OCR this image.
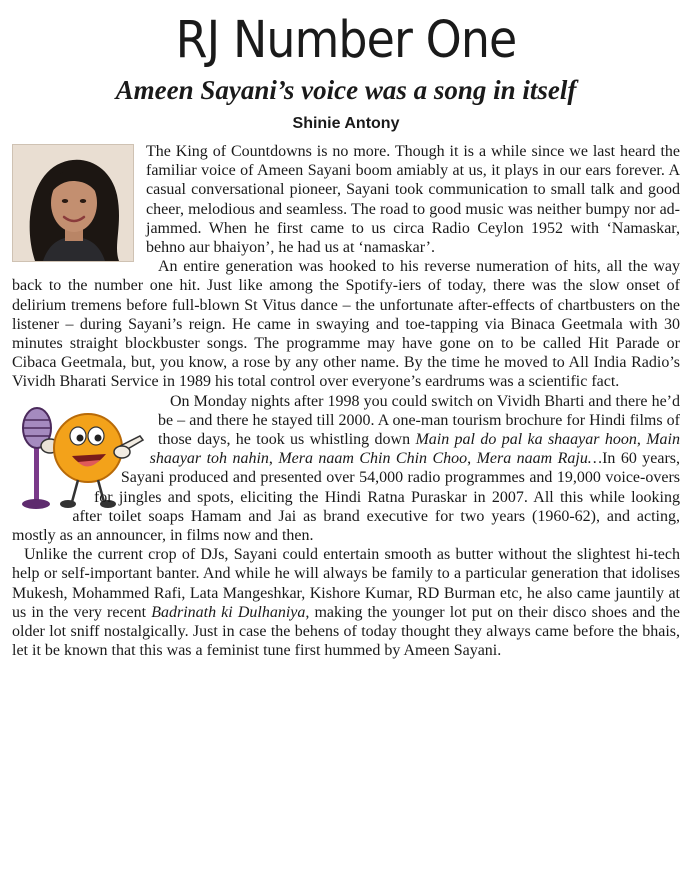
RJ Number One
Ameen Sayani’s voice was a song in itself
Shinie Antony

The King of Countdowns is no more. Though it is a while since we last heard the familiar voice of Ameen Sayani boom amiably at us, it plays in our ears forever. A casual conversational pioneer, Sayani took communication to small talk and good cheer, melodious and seamless. The road to good music was neither bumpy nor ad-jammed. When he first came to us circa Radio Ceylon 1952 with ‘Namaskar, behno aur bhaiyon’, he had us at ‘namaskar’.

An entire generation was hooked to his reverse numeration of hits, all the way back to the number one hit. Just like among the Spotify-iers of today, there was the slow onset of delirium tremens before full-blown St Vitus dance – the unfortunate after-effects of chartbusters on the listener – during Sayani’s reign. He came in swaying and toe-tapping via Binaca Geetmala with 30 minutes straight blockbuster songs. The programme may have gone on to be called Hit Parade or Cibaca Geetmala, but, you know, a rose by any other name. By the time he moved to All India Radio’s Vividh Bharati Service in 1989 his total control over everyone’s eardrums was a scientific fact.

On Monday nights after 1998 you could switch on Vividh Bharti and there he’d be – and there he stayed till 2000. A one-man tourism brochure for Hindi films of those days, he took us whistling down Main pal do pal ka shaayar hoon, Main shaayar toh nahin, Mera naam Chin Chin Choo, Mera naam Raju…In 60 years, Sayani produced and presented over 54,000 radio programmes and 19,000 voice-overs for jingles and spots, eliciting the Hindi Ratna Puraskar in 2007. All this while looking after toilet soaps Hamam and Jai as brand executive for two years (1960-62), and acting, mostly as an announcer, in films now and then.

Unlike the current crop of DJs, Sayani could entertain smooth as butter without the slightest hi-tech help or self-important banter. And while he will always be family to a particular generation that idolises Mukesh, Mohammed Rafi, Lata Mangeshkar, Kishore Kumar, RD Burman etc, he also came jauntily at us in the very recent Badrinath ki Dulhaniya, making the younger lot put on their disco shoes and the older lot sniff nostalgically. Just in case the behens of today thought they always came before the bhais, let it be known that this was a feminist tune first hummed by Ameen Sayani.
